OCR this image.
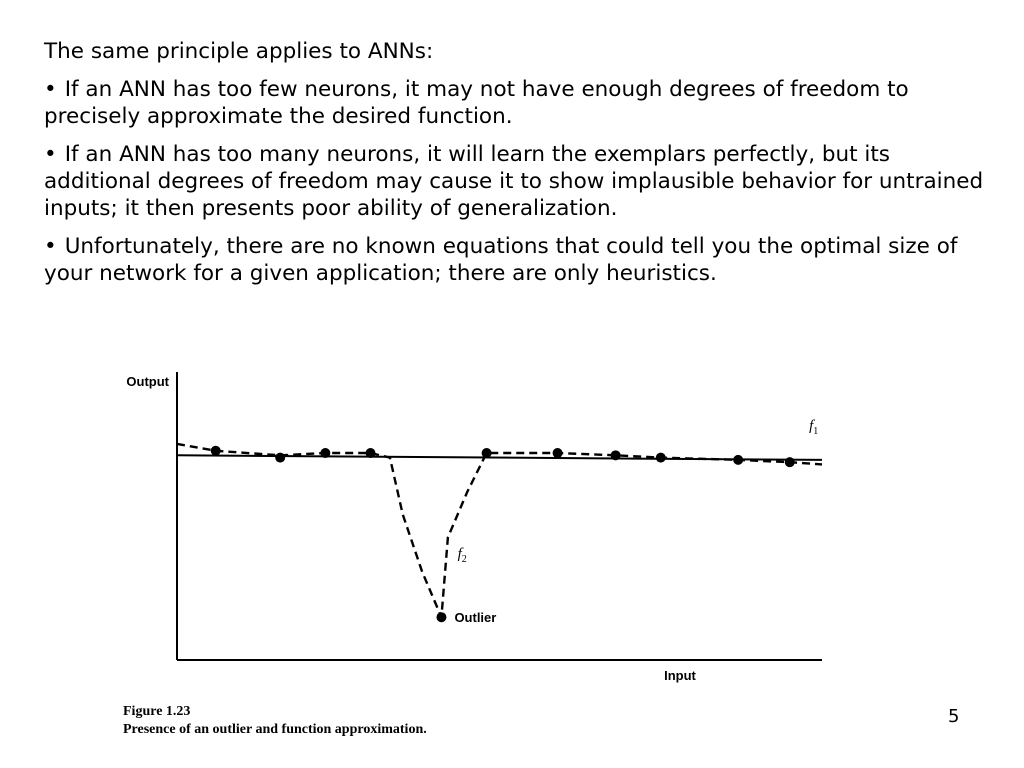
The same principle applies to ANNs:

• If an ANN has too few neurons, it may not have enough degrees of freedom to precisely approximate the desired function.

• If an ANN has too many neurons, it will learn the exemplars perfectly, but its additional degrees of freedom may cause it to show implausible behavior for untrained inputs; it then presents poor ability of generalization.

• Unfortunately, there are no known equations that could tell you the optimal size of your network for a given application; there are only heuristics.

Output
Input
Outlier
$f_1$
$f_2$
Figure 1.23
Presence of an outlier and function approximation.
5
